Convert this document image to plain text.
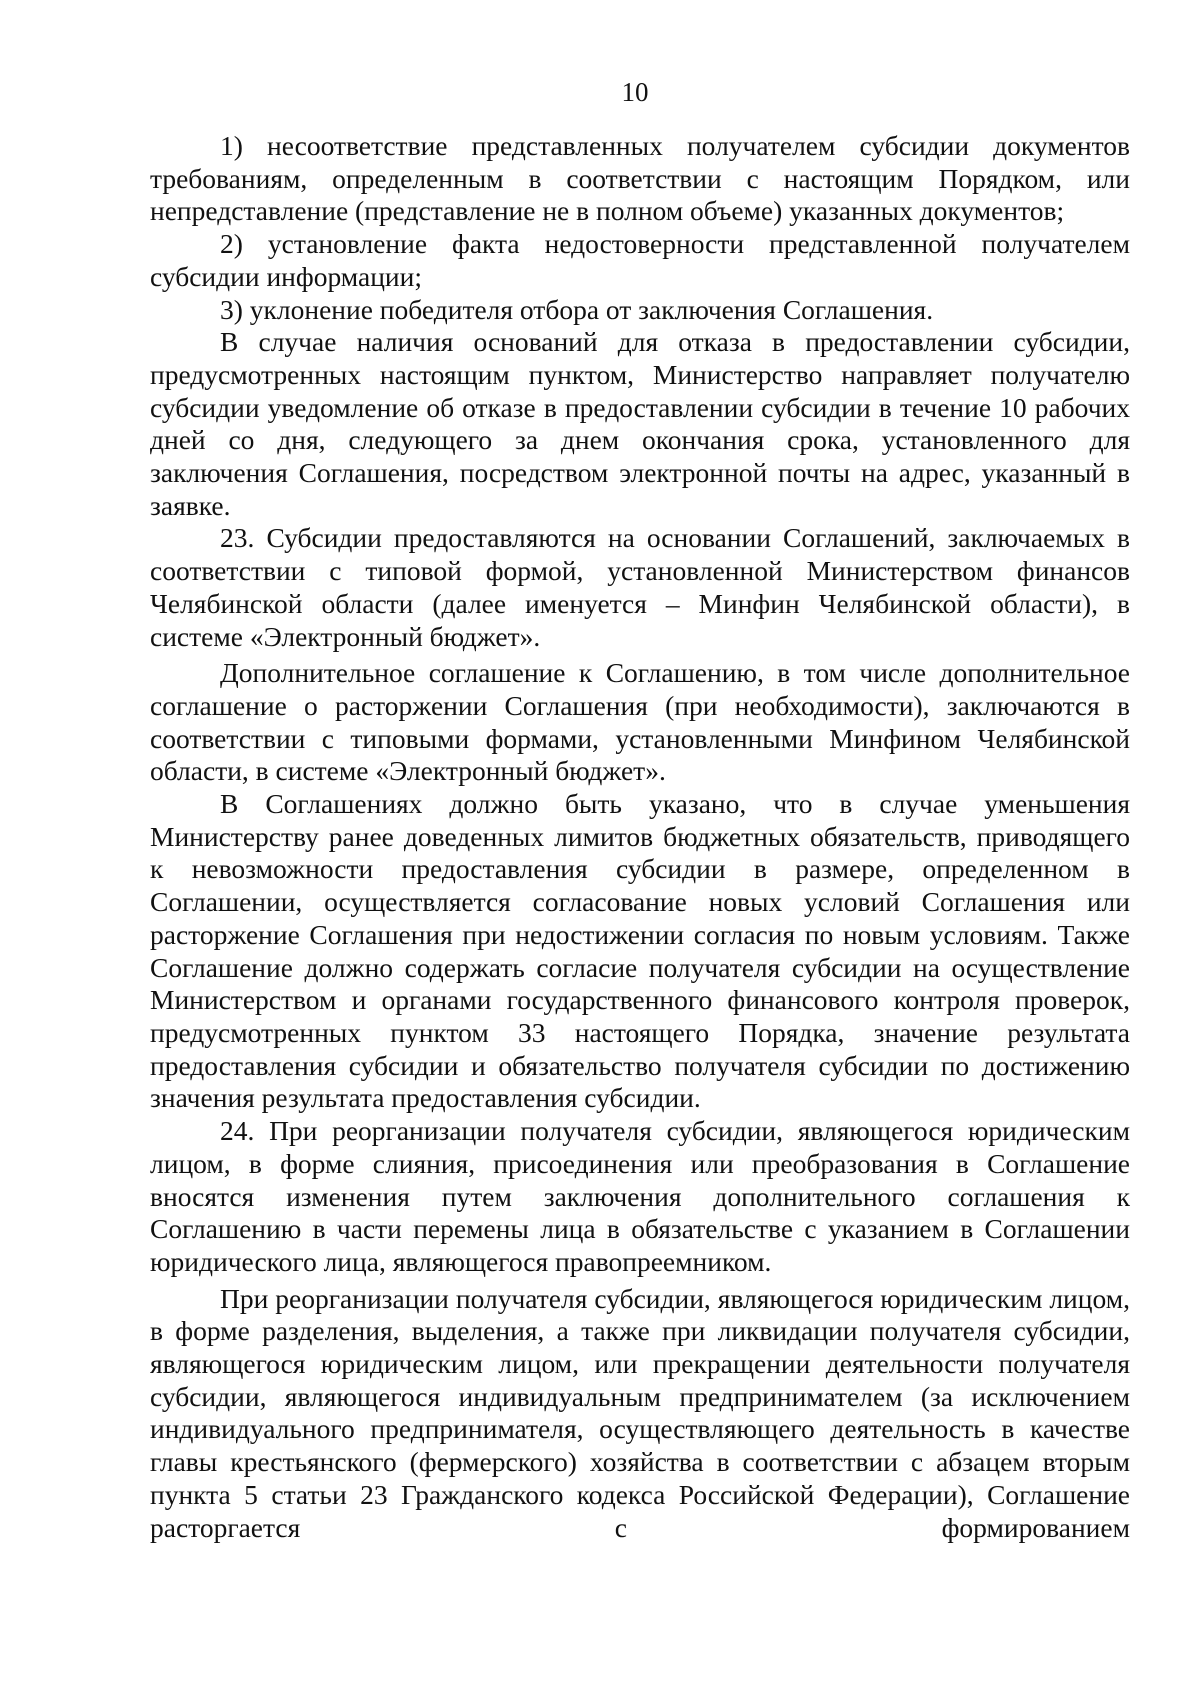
10

1) несоответствие представленных получателем субсидии документов требованиям, определенным в соответствии с настоящим Порядком, или непредставление (представление не в полном объеме) указанных документов;

2) установление факта недостоверности представленной получателем субсидии информации;

3) уклонение победителя отбора от заключения Соглашения.

В случае наличия оснований для отказа в предоставлении субсидии, предусмотренных настоящим пунктом, Министерство направляет получателю субсидии уведомление об отказе в предоставлении субсидии в течение 10 рабочих дней со дня, следующего за днем окончания срока, установленного для заключения Соглашения, посредством электронной почты на адрес, указанный в заявке.

23. Субсидии предоставляются на основании Соглашений, заключаемых в соответствии с типовой формой, установленной Министерством финансов Челябинской области (далее именуется – Минфин Челябинской области), в системе «Электронный бюджет».

Дополнительное соглашение к Соглашению, в том числе дополнительное соглашение о расторжении Соглашения (при необходимости), заключаются в соответствии с типовыми формами, установленными Минфином Челябинской области, в системе «Электронный бюджет».

В Соглашениях должно быть указано, что в случае уменьшения Министерству ранее доведенных лимитов бюджетных обязательств, приводящего к невозможности предоставления субсидии в размере, определенном в Соглашении, осуществляется согласование новых условий Соглашения или расторжение Соглашения при недостижении согласия по новым условиям. Также Соглашение должно содержать согласие получателя субсидии на осуществление Министерством и органами государственного финансового контроля проверок, предусмотренных пунктом 33 настоящего Порядка, значение результата предоставления субсидии и обязательство получателя субсидии по достижению значения результата предоставления субсидии.

24. При реорганизации получателя субсидии, являющегося юридическим лицом, в форме слияния, присоединения или преобразования в Соглашение вносятся изменения путем заключения дополнительного соглашения к Соглашению в части перемены лица в обязательстве с указанием в Соглашении юридического лица, являющегося правопреемником.

При реорганизации получателя субсидии, являющегося юридическим лицом, в форме разделения, выделения, а также при ликвидации получателя субсидии, являющегося юридическим лицом, или прекращении деятельности получателя субсидии, являющегося индивидуальным предпринимателем (за исключением индивидуального предпринимателя, осуществляющего деятельность в качестве главы крестьянского (фермерского) хозяйства в соответствии с абзацем вторым пункта 5 статьи 23 Гражданского кодекса Российской Федерации), Соглашение расторгается с формированием
